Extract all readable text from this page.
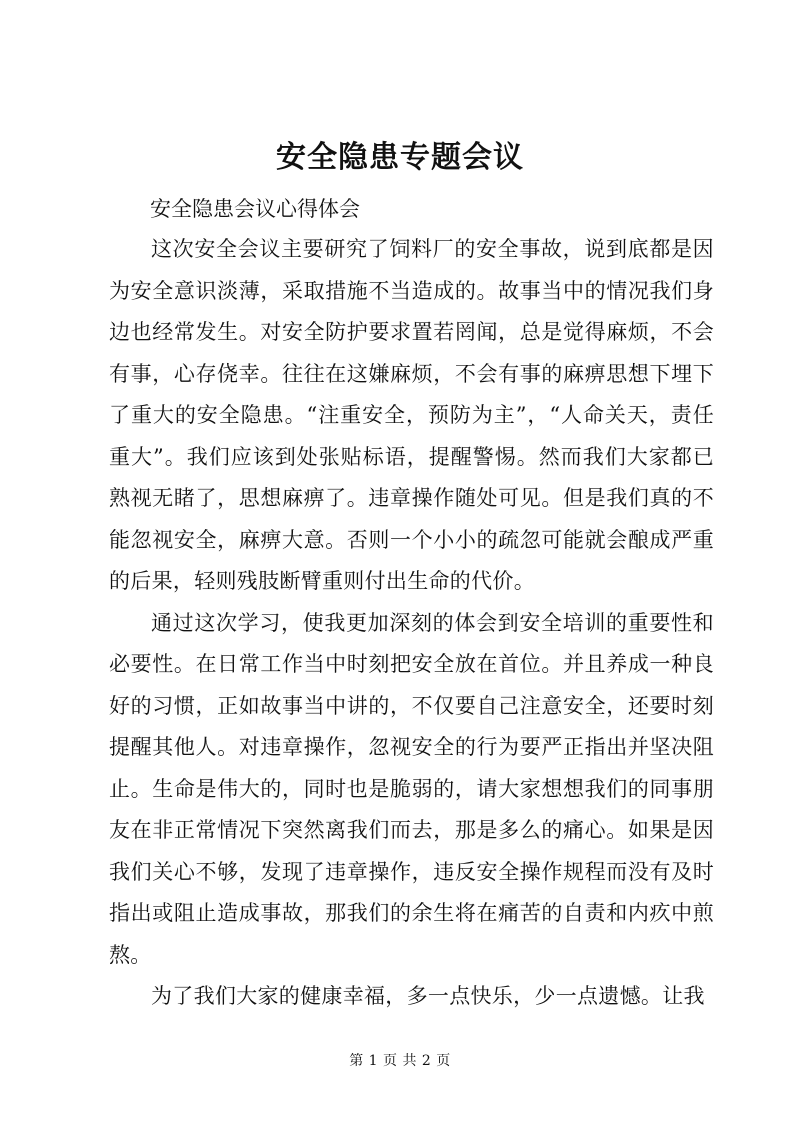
安全隐患专题会议

安全隐患会议心得体会

这次安全会议主要研究了饲料厂的安全事故，说到底都是因为安全意识淡薄，采取措施不当造成的。故事当中的情况我们身边也经常发生。对安全防护要求置若罔闻，总是觉得麻烦，不会有事，心存侥幸。往往在这嫌麻烦，不会有事的麻痹思想下埋下了重大的安全隐患。“注重安全，预防为主”，“人命关天，责任重大”。我们应该到处张贴标语，提醒警惕。然而我们大家都已熟视无睹了，思想麻痹了。违章操作随处可见。但是我们真的不能忽视安全，麻痹大意。否则一个小小的疏忽可能就会酿成严重的后果，轻则残肢断臂重则付出生命的代价。

通过这次学习，使我更加深刻的体会到安全培训的重要性和必要性。在日常工作当中时刻把安全放在首位。并且养成一种良好的习惯，正如故事当中讲的，不仅要自己注意安全，还要时刻提醒其他人。对违章操作，忽视安全的行为要严正指出并坚决阻止。生命是伟大的，同时也是脆弱的，请大家想想我们的同事朋友在非正常情况下突然离我们而去，那是多么的痛心。如果是因我们关心不够，发现了违章操作，违反安全操作规程而没有及时指出或阻止造成事故，那我们的余生将在痛苦的自责和内疚中煎熬。

为了我们大家的健康幸福，多一点快乐，少一点遗憾。让我

第 1 页 共 2 页
